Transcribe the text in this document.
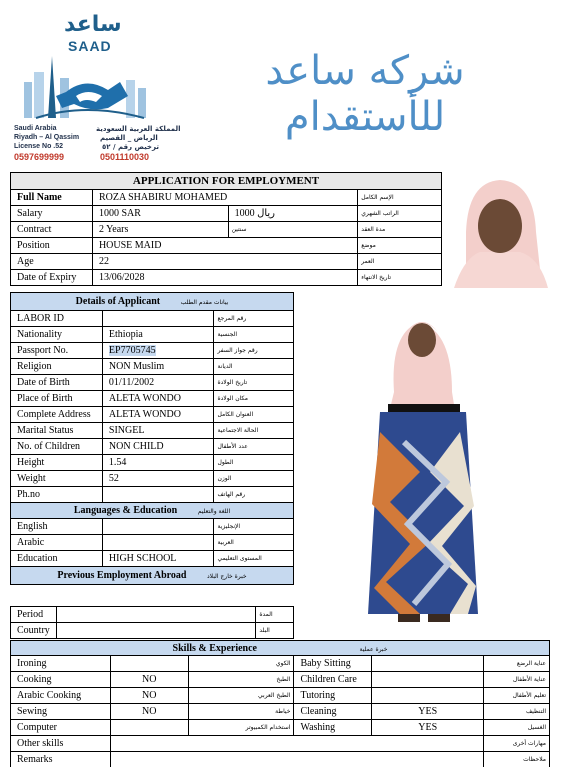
ساعد
SAAD
Saudi Arabia
Riyadh – Al Qassim
License No .52
0597699999
المملكة العربية السعودية
الرياض _ القصيم
ترخيص رقم / ٥٢
0501110030
شركه ساعد للأستقدام
APPLICATION FOR EMPLOYMENT			
Full Name	ROZA SHABIRU MOHAMED		الإسم الكامل
Salary	1000 SAR	1000 ريال	الراتب الشهري
Contract	2 Years	سنتين	مدة العقد
Position	HOUSE MAID		موضع
Age	22		العمر
Date of Expiry	13/06/2028		تاريخ الانتهاء
Details of Applicant بيانات مقدم الطلب		
LABOR ID		رقم المرجع
Nationality	Ethiopia	الجنسية
Passport No.	EP7705745	رقم جواز السفر
Religion	NON Muslim	الديانة
Date of Birth	01/11/2002	تاريخ الولادة
Place of Birth	ALETA WONDO	مكان الولادة
Complete Address	ALETA WONDO	العنوان الكامل
Marital Status	SINGEL	الحالة الاجتماعية
No. of Children	NON CHILD	عدد الأطفال
Height	1.54	الطول
Weight	52	الوزن
Ph.no		رقم الهاتف
Languages & Education اللغة والتعليم		
English		الإنجليزية
Arabic		العربية
Education	HIGH SCHOOL	المستوى التعليمي
Previous Employment Abroad خبرة خارج البلاد		
Period		المدة
Country		البلد
Skills & Experience خبرة عملية					
Ironing		الكوي	Baby Sitting		عناية الرضع
Cooking	NO	الطبخ	Children Care		عناية الأطفال
Arabic Cooking	NO	الطبخ العربي	Tutoring		تعليم الأطفال
Sewing	NO	خياطة	Cleaning	YES	التنظيف
Computer		استخدام الكمبيوتر	Washing	YES	الغسيل
Other skills					مهارات أخرى
Remarks					ملاحظات
